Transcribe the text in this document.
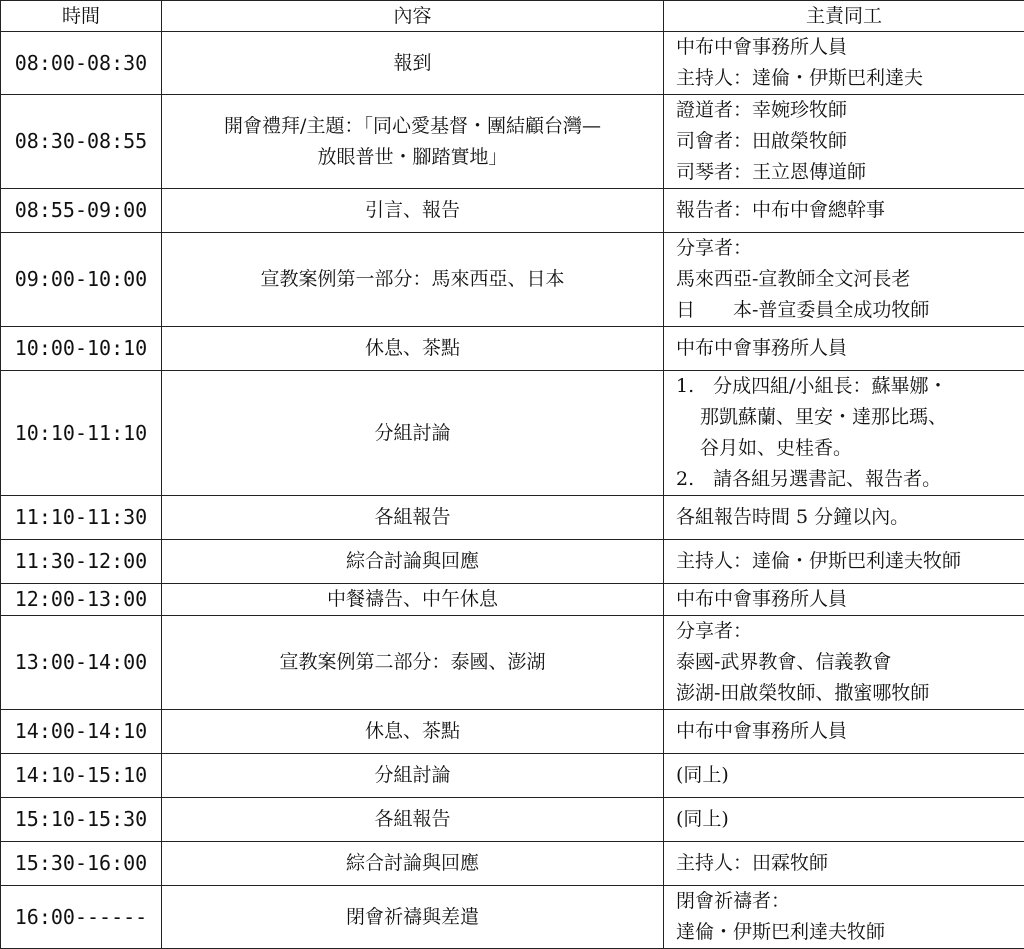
時間	內容	主責同工
08:00-08:30	報到	中布中會事務所人員
主持人：達倫・伊斯巴利達夫

08:30-08:55	開會禮拜/主題：「同心愛基督・團結顧台灣—
放眼普世・腳踏實地」	證道者：幸婉珍牧師
司會者：田啟榮牧師
司琴者：王立恩傳道師

08:55-09:00	引言、報告	報告者：中布中會總幹事

09:00-10:00	宣教案例第一部分：馬來西亞、日本	分享者：
馬來西亞-宣教師全文河長老
日　　本-普宣委員全成功牧師

10:00-10:10	休息、茶點	中布中會事務所人員

10:10-11:10	分組討論	1.　分成四組/小組長：蘇畢娜・
那凱蘇蘭、里安・達那比瑪、
谷月如、史桂香。
2.　請各組另選書記、報告者。

11:10-11:30	各組報告	各組報告時間 5 分鐘以內。

11:30-12:00	綜合討論與回應	主持人：達倫・伊斯巴利達夫牧師

12:00-13:00	中餐禱告、中午休息	中布中會事務所人員

13:00-14:00	宣教案例第二部分：泰國、澎湖	分享者：
泰國-武界教會、信義教會
澎湖-田啟榮牧師、撒蜜哪牧師

14:00-14:10	休息、茶點	中布中會事務所人員

14:10-15:10	分組討論	(同上)

15:10-15:30	各組報告	(同上)

15:30-16:00	綜合討論與回應	主持人：田霖牧師

16:00------	閉會祈禱與差遣	閉會祈禱者：
達倫・伊斯巴利達夫牧師
